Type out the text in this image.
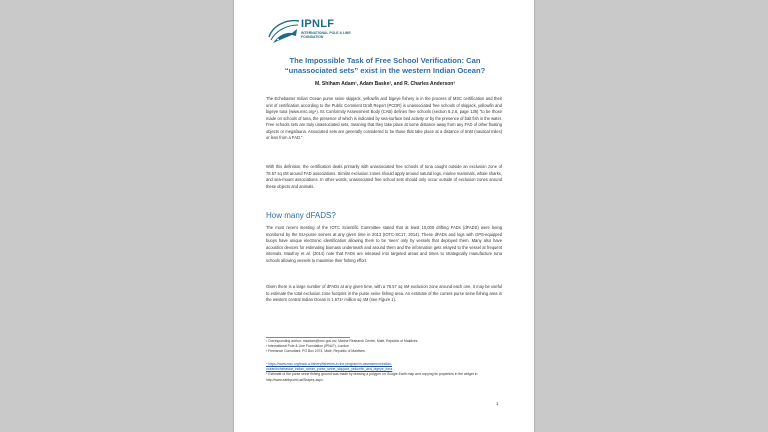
IPNLF
INTERNATIONAL POLE & LINE FOUNDATION
The Impossible Task of Free School Verification: Can “unassociated sets” exist in the western Indian Ocean?
M. Shiham Adam¹, Adam Baske², and R. Charles Anderson³
The Echebaster Indian Ocean purse seine skipjack, yellowfin and bigeye fishery is in the process of MSC certification and their unit of certification according to the Public Comment Draft Report (PCDR) is unassociated free schools of skipjack, yellowfin and bigeye tuna (www.msc.org⁴). Its Conformity Assessment Body (CAB) defines free schools (section 5.2.6, page 136) “to be those made on schools of tuna, the presence of which is indicated by sea-surface bird activity or by the presence of bait fish in the water. Free schools sets are truly unassociated sets, meaning that they take place at some distance away from any FAD of other floating objects or megafauna. Associated sets are generally considered to be those that take place at a distance of 5nM (nautical miles) or less from a FAD.”
With this definition, the certification deals primarily with unassociated free schools of tuna caught outside an exclusion zone of 78.57 sq nM around FAD associations. Similar exclusion zones should apply around natural logs, marine mammals, whale sharks, and sea-mount associations. In other words, unassociated free school sets should only occur outside of exclusion zones around these objects and animals.
How many dFADS?
The most recent meeting of the IOTC Scientific Committee stated that at least 10,000 drifting FADs (dFADS) were being monitored by the EU-purse seiners at any given time in 2013 (IOTC-SC17, 2014). These dFADs and logs with GPS-equipped buoys have unique electronic identification allowing them to be ‘seen’ only by vessels that deployed them. Many also have acoustics devices for estimating biomass underneath and around them and the information gets relayed to the vessel at frequent intervals. Maufroy et al. (2014) note that FADs are released into targeted areas and times to strategically manufacture tuna schools allowing vessels to maximise their fishing effort.
Given there is a large number of dFADs at any given time, with a 78.57 sq nM exclusion zone around each one, it may be useful to estimate the total exclusion zone footprint in the purse seine fishing area. An estimate of the current purse seine fishing area in the western central Indian Ocean is 1.671⁵ million sq nM (see Figure 1).
¹ Corresponding author: msadam@mrc.gov.mv, Marine Research Centre, Malé, Republic of Maldives
² International Pole & Line Foundation (IPNLF), London
³ Freelance Consultant, PO Box 2074, Malé, Republic of Maldives.
⁴ https://www.msc.org/track-a-fishery/fisheries-in-the-program/in-assessment/indian-ocean/echebastar_indian_ocean_purse_seine_skipjack_yellowfin_and_bigeye_tuna
⁵ Estimate of the purse seine fishing ground was made by drawing a polygon on Google Earth map and copying its properties in the widget in http://www.earthpoint.us/Shapes.aspx.
1
